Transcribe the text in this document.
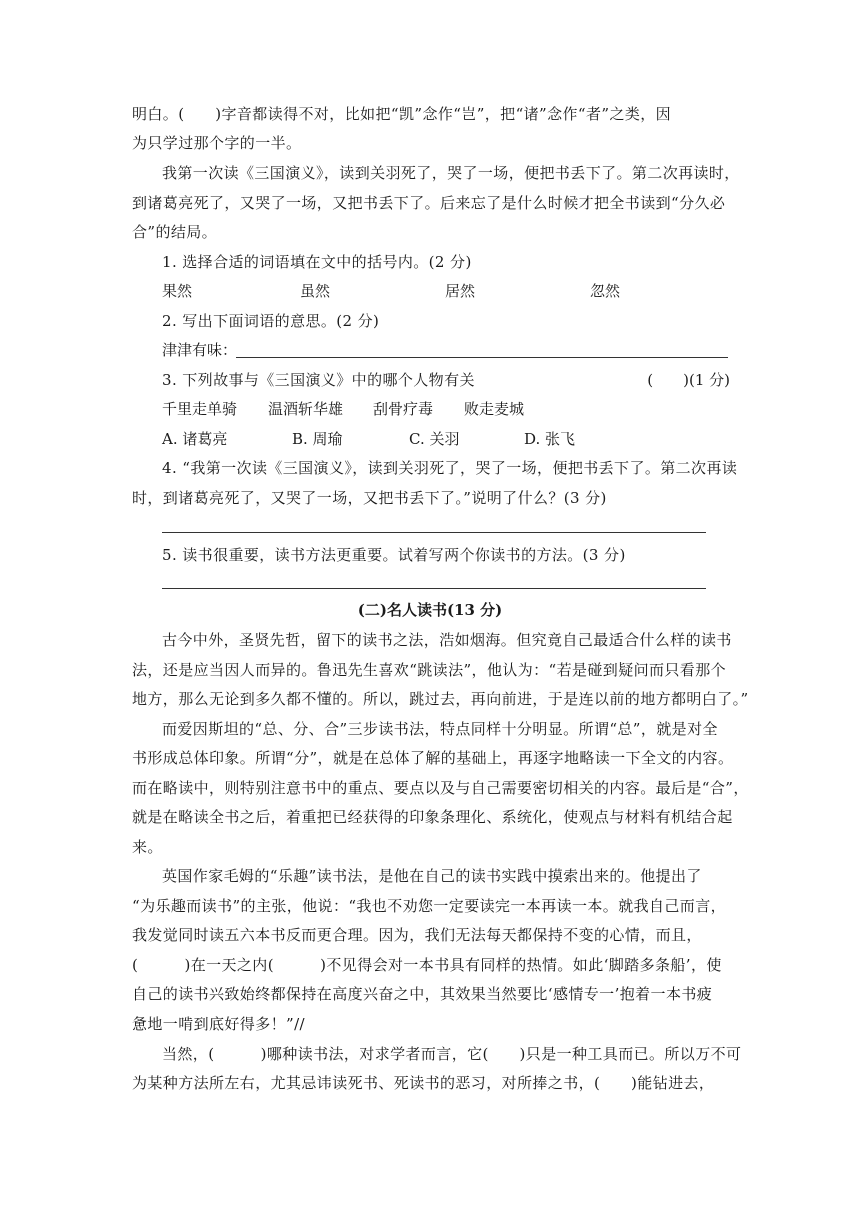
明白。(　　)字音都读得不对，比如把“凯”念作“岂”，把“诸”念作“者”之类，因
为只学过那个字的一半。
我第一次读《三国演义》，读到关羽死了，哭了一场，便把书丢下了。第二次再读时，
到诸葛亮死了，又哭了一场，又把书丢下了。后来忘了是什么时候才把全书读到“分久必
合”的结局。
1. 选择合适的词语填在文中的括号内。(2 分)
果然	虽然	居然	忽然
2. 写出下面词语的意思。(2 分)
津津有味：
3. 下列故事与《三国演义》中的哪个人物有关	(　　)(1 分)
千里走单骑 温酒斩华雄 刮骨疗毒 败走麦城
A. 诸葛亮	B. 周瑜	C. 关羽	D. 张飞
4. “我第一次读《三国演义》，读到关羽死了，哭了一场，便把书丢下了。第二次再读
时，到诸葛亮死了，又哭了一场，又把书丢下了。”说明了什么？(3 分)
5. 读书很重要，读书方法更重要。试着写两个你读书的方法。(3 分)
(二)名人读书(13 分)
古今中外，圣贤先哲，留下的读书之法，浩如烟海。但究竟自己最适合什么样的读书
法，还是应当因人而异的。鲁迅先生喜欢“跳读法”，他认为：“若是碰到疑问而只看那个
地方，那么无论到多久都不懂的。所以，跳过去，再向前进，于是连以前的地方都明白了。”
而爱因斯坦的“总、分、合”三步读书法，特点同样十分明显。所谓“总”，就是对全
书形成总体印象。所谓“分”，就是在总体了解的基础上，再逐字地略读一下全文的内容。
而在略读中，则特别注意书中的重点、要点以及与自己需要密切相关的内容。最后是“合”，
就是在略读全书之后，着重把已经获得的印象条理化、系统化，使观点与材料有机结合起
来。
英国作家毛姆的“乐趣”读书法，是他在自己的读书实践中摸索出来的。他提出了
“为乐趣而读书”的主张，他说：“我也不劝您一定要读完一本再读一本。就我自己而言，
我发觉同时读五六本书反而更合理。因为，我们无法每天都保持不变的心情，而且，
(　　　)在一天之内(　　　)不见得会对一本书具有同样的热情。如此‘脚踏多条船’，使
自己的读书兴致始终都保持在高度兴奋之中，其效果当然要比‘感情专一’抱着一本书疲
惫地一啃到底好得多！”//
当然，(　　　)哪种读书法，对求学者而言，它(　　)只是一种工具而已。所以万不可
为某种方法所左右，尤其忌讳读死书、死读书的恶习，对所捧之书，(　　)能钻进去，
